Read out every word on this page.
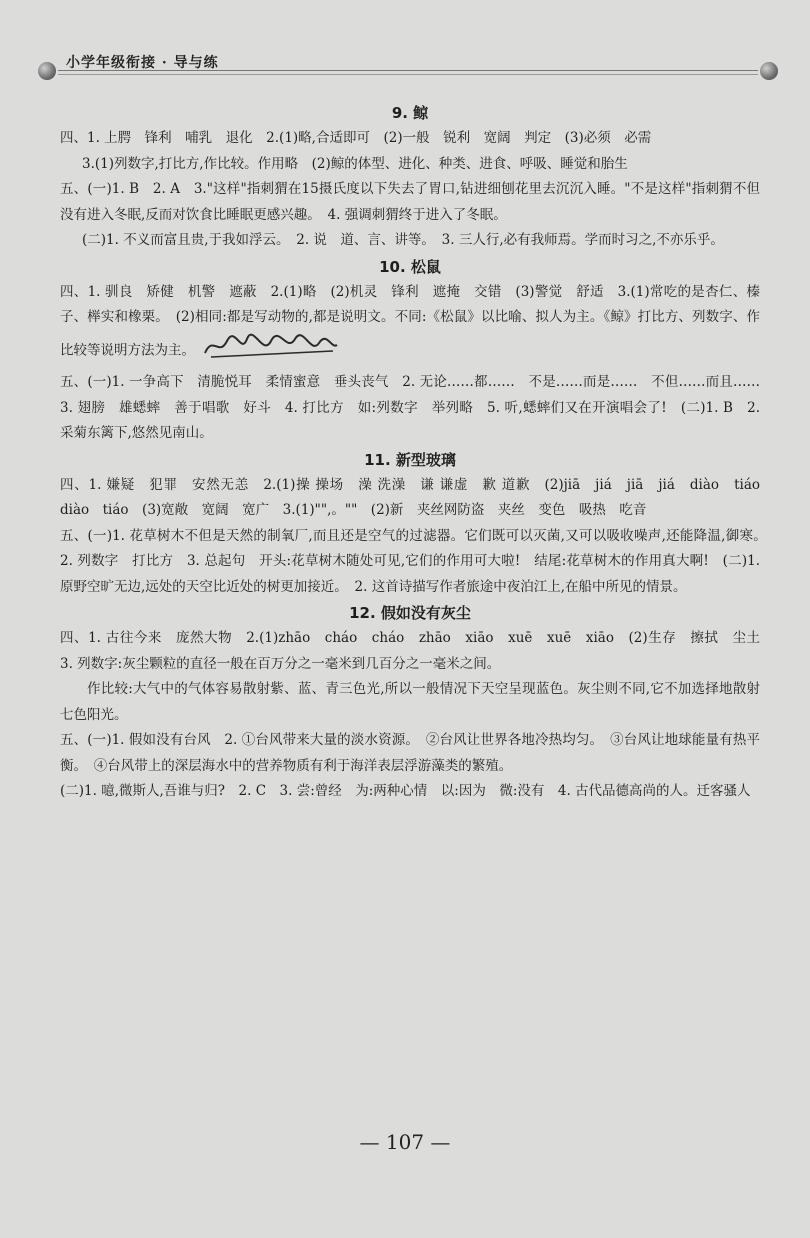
小学年级衔接 · 导与练

9. 鲸

四、1. 上腭　锋利　哺乳　退化　2.(1)略,合适即可　(2)一般　锐利　宽阔　判定　(3)必须　必需

3.(1)列数字,打比方,作比较。作用略　(2)鲸的体型、进化、种类、进食、呼吸、睡觉和胎生

五、(一)1. B　2. A　3."这样"指刺猬在15摄氏度以下失去了胃口,钻进细刨花里去沉沉入睡。"不是这样"指刺猬不但没有进入冬眠,反而对饮食比睡眠更感兴趣。　4. 强调刺猬终于进入了冬眠。

(二)1. 不义而富且贵,于我如浮云。　2. 说　道、言、讲等。　3. 三人行,必有我师焉。学而时习之,不亦乐乎。

10. 松鼠

四、1. 驯良　矫健　机警　遮蔽　2.(1)略　(2)机灵　锋利　遮掩　交错　(3)警觉　舒适　3.(1)常吃的是杏仁、榛子、榉实和橡栗。　(2)相同:都是写动物的,都是说明文。不同:《松鼠》以比喻、拟人为主。《鲸》打比方、列数字、作比较等说明方法为主。

五、(一)1. 一争高下　清脆悦耳　柔情蜜意　垂头丧气　2. 无论……都……　不是……而是……　不但……而且……　3. 翅膀　雄蟋蟀　善于唱歌　好斗　4. 打比方　如:列数字　举列略　5. 听,蟋蟀们又在开演唱会了!　(二)1. B　2. 采菊东篱下,悠然见南山。

11. 新型玻璃

四、1. 嫌疑　犯罪　安然无恙　2.(1)操 操场　澡 洗澡　谦 谦虚　歉 道歉　(2)jiā　jiá　jiā　jiá　diào　tiáo　diào　tiáo　(3)宽敞　宽阔　宽广　3.(1)"",。""　(2)新　夹丝网防盗　夹丝　变色　吸热　吃音

五、(一)1. 花草树木不但是天然的制氧厂,而且还是空气的过滤器。它们既可以灭菌,又可以吸收噪声,还能降温,御寒。　2. 列数字　打比方　3. 总起句　开头:花草树木随处可见,它们的作用可大啦!　结尾:花草树木的作用真大啊!　(二)1. 原野空旷无边,远处的天空比近处的树更加接近。　2. 这首诗描写作者旅途中夜泊江上,在船中所见的情景。

12. 假如没有灰尘

四、1. 古往今来　庞然大物　2.(1)zhāo　cháo　cháo　zhāo　xiāo　xuē　xuē　xiāo　(2)生存　擦拭　尘土　3. 列数字:灰尘颗粒的直径一般在百万分之一毫米到几百分之一毫米之间。

作比较:大气中的气体容易散射紫、蓝、青三色光,所以一般情况下天空呈现蓝色。灰尘则不同,它不加选择地散射七色阳光。

五、(一)1. 假如没有台风　2. ①台风带来大量的淡水资源。　②台风让世界各地冷热均匀。　③台风让地球能量有热平衡。　④台风带上的深层海水中的营养物质有利于海洋表层浮游藻类的繁殖。

(二)1. 噫,微斯人,吾谁与归?　2. C　3. 尝:曾经　为:两种心情　以:因为　微:没有　4. 古代品德高尚的人。迁客骚人

— 107 —
